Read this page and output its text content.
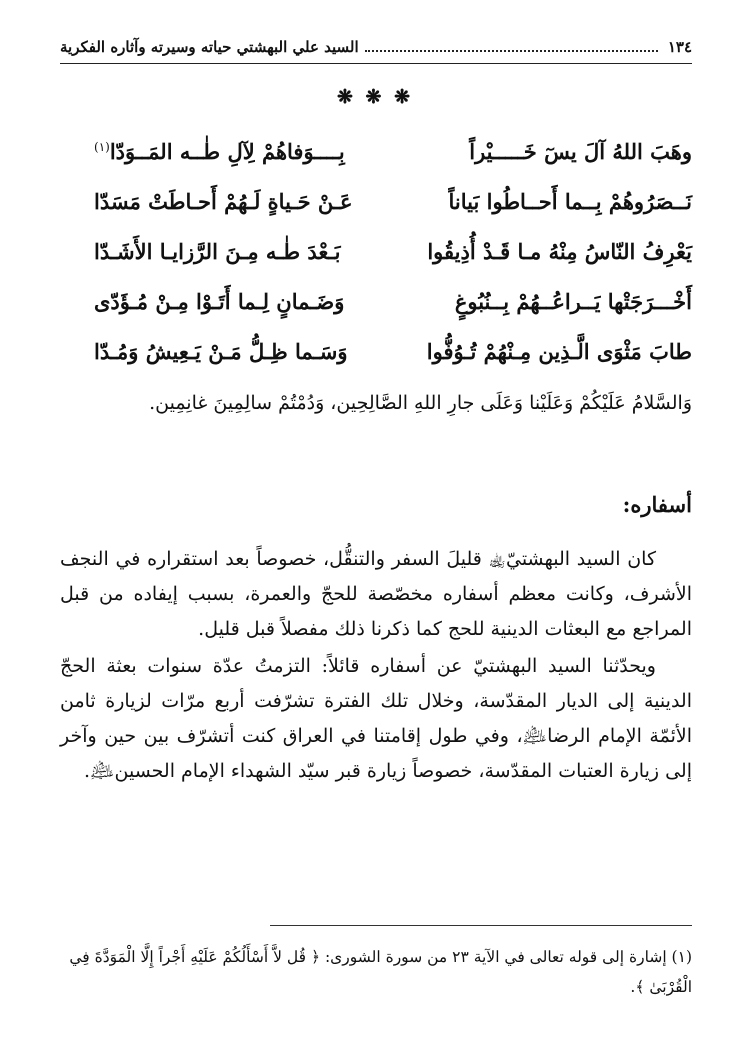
١٣٤
السيد علي البهشتي حياته وسيرته وآثاره الفكرية
❋ ❋ ❋
وهَبَ اللهُ آلَ يسٓ خَـــــيْراً
بِــــوَفاهُمْ لِآلِ طٰــه المَــوَدّا$^{(١)}$
نَــصَرُوهُمْ بِــما أَحــاطُوا بَياناً
عَـنْ حَـياةٍ لَـهُمْ أَحـاطَتْ مَسَدّا
يَعْرِفُ النّاسُ مِنْهُ مـا قَـدْ أُذِيقُوا
بَـعْدَ طٰـه مِـنَ الرَّزايـا الأَشَـدّا
أَخْـــرَجَتْها يَــراعُــهُمْ بِــنُبُوغٍ
وَضَـمانٍ لِـما أَتَـوْا مِـنْ مُـؤَدّى
طابَ مَثْوَى الَّـذِين مِـنْهُمْ تُـوُفُّوا
وَسَـما ظِـلُّ مَـنْ يَـعِيشُ وَمُـدّا
وَالسَّلامُ عَلَيْكُمْ وَعَلَيْنا وَعَلَى جارِ اللهِ الصَّالِحِين، وَدُمْتُمْ سالِمِينَ غانِمِين.
أسفاره:

كان السيد البهشتيّ﵀ قليلَ السفر والتنقُّل، خصوصاً بعد استقراره في النجف الأشرف، وكانت معظم أسفاره مخصّصة للحجّ والعمرة، بسبب إيفاده من قبل المراجع مع البعثات الدينية للحج كما ذكرنا ذلك مفصلاً قبل قليل.

ويحدّثنا السيد البهشتيّ عن أسفاره قائلاً: التزمتُ عدّة سنوات بعثة الحجّ الدينية إلى الديار المقدّسة، وخلال تلك الفترة تشرّفت أربع مرّات لزيارة ثامن الأئمّة الإمام الرضا﵇، وفي طول إقامتنا في العراق كنت أتشرّف بين حين وآخر إلى زيارة العتبات المقدّسة، خصوصاً زيارة قبر سيّد الشهداء الإمام الحسين﵇.

(١) إشارة إلى قوله تعالى في الآية ٢٣ من سورة الشورى: ﴿ قُل لاَّ أَسْأَلُكُمْ عَلَيْهِ أَجْراً إِلَّا الْمَوَدَّةَ فِي الْقُرْبَىٰ ﴾.
